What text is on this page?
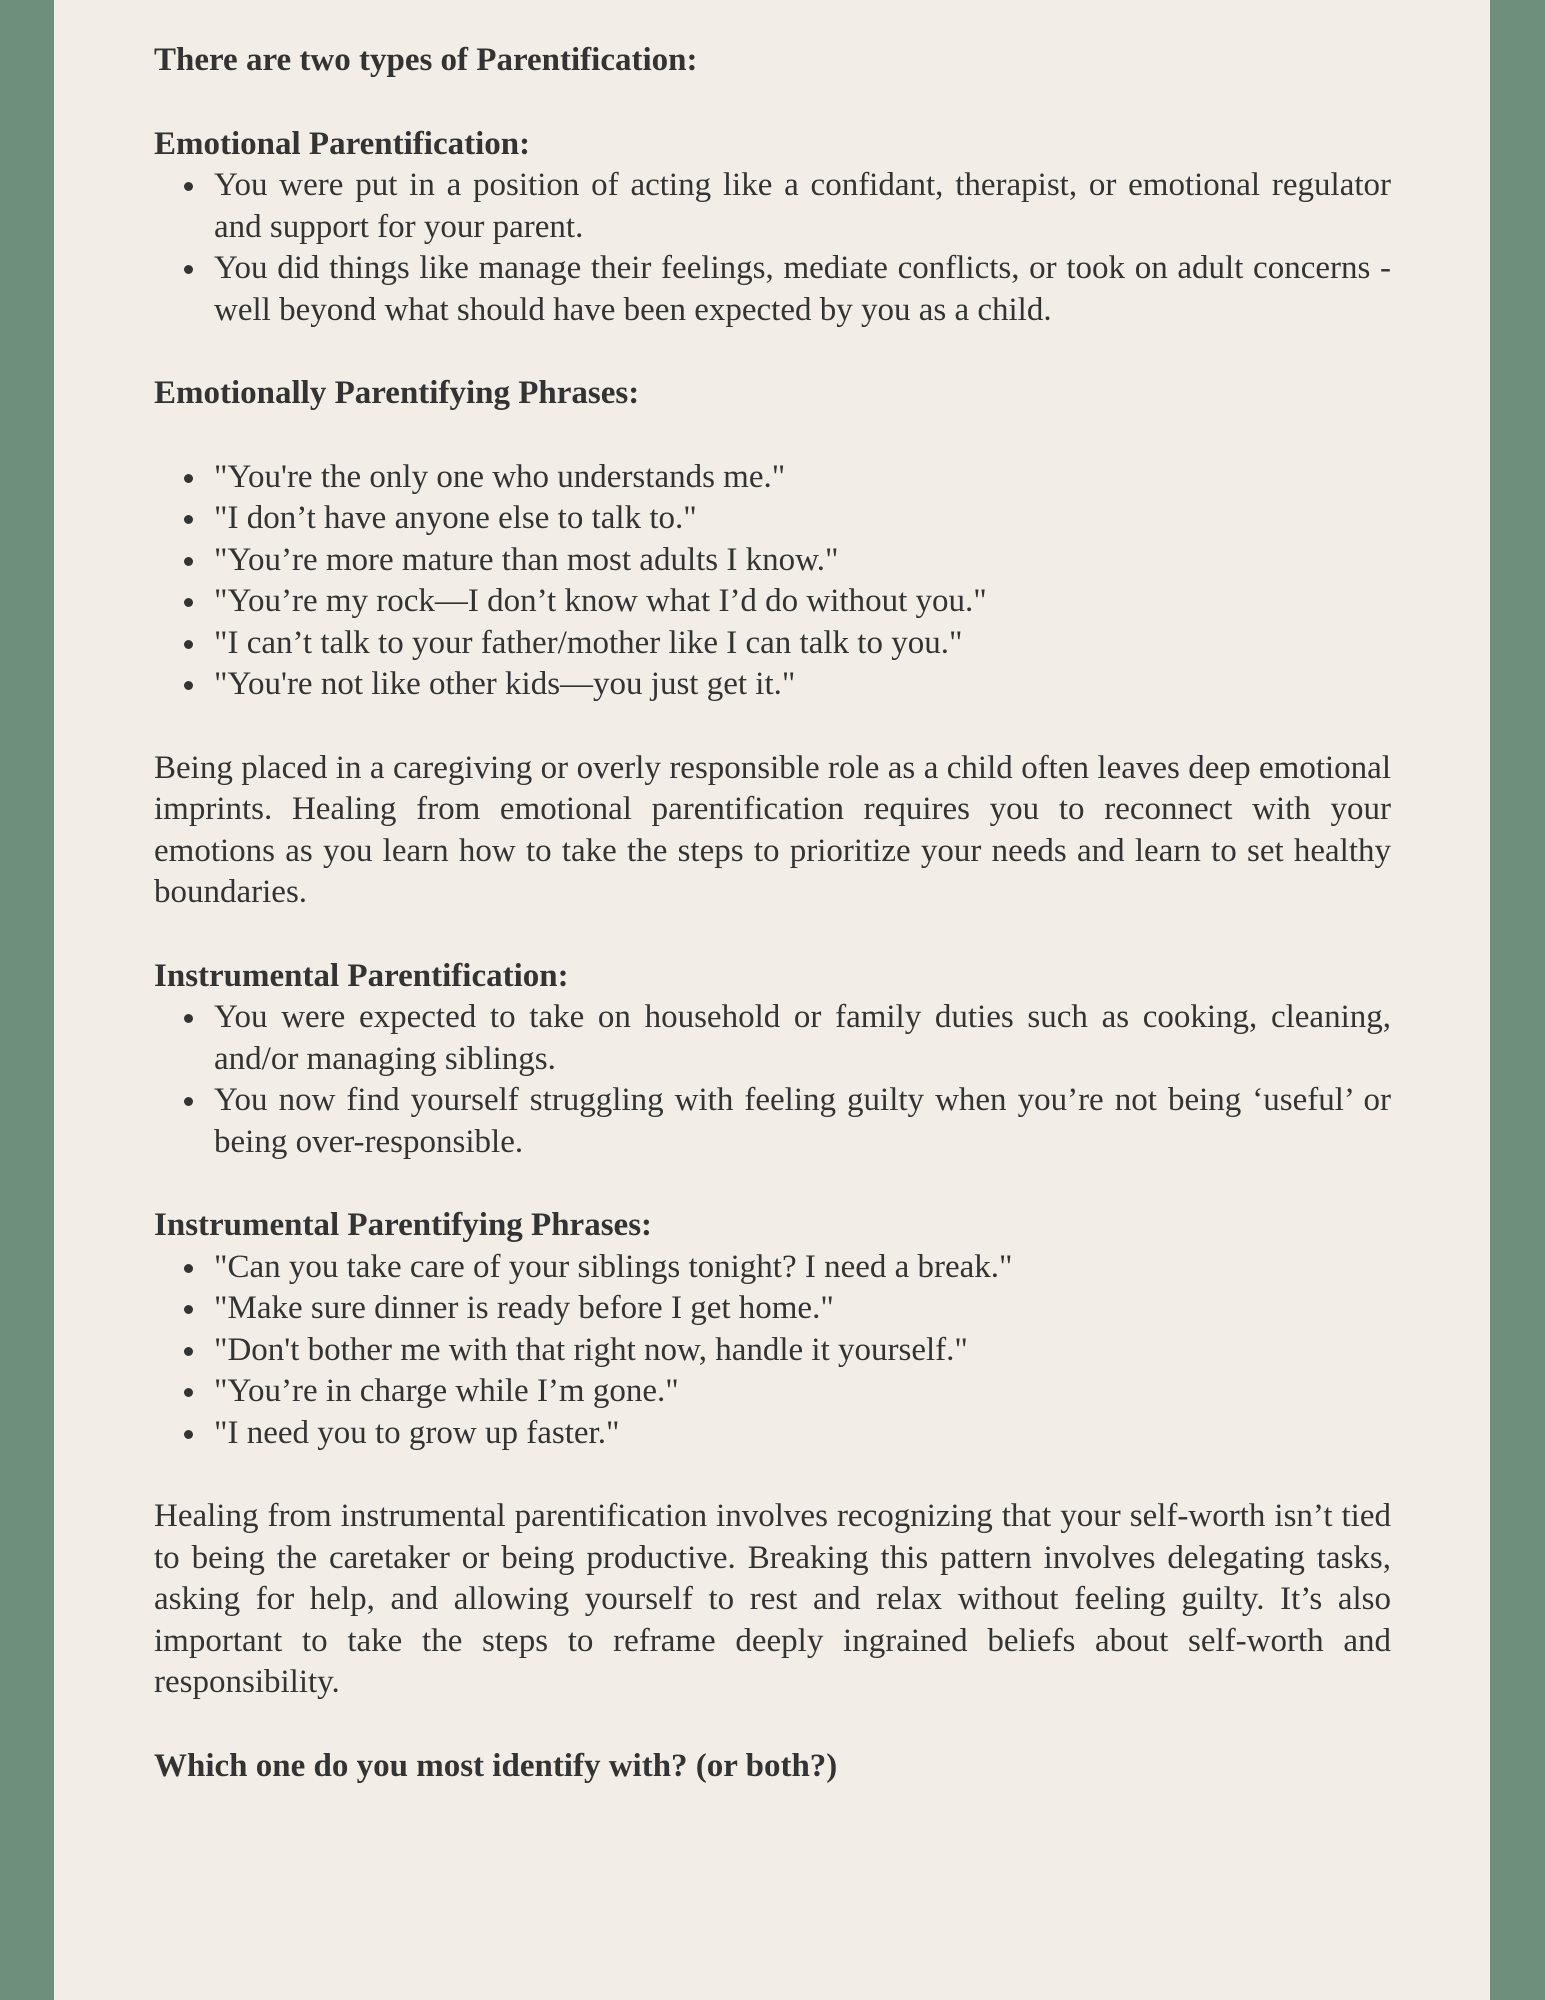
There are two types of Parentification:

Emotional Parentification:

You were put in a position of acting like a confidant, therapist, or emotional regulator and support for your parent.
You did things like manage their feelings, mediate conflicts, or took on adult concerns - well beyond what should have been expected by you as a child.

Emotionally Parentifying Phrases:

"You're the only one who understands me."
"I don’t have anyone else to talk to."
"You’re more mature than most adults I know."
"You’re my rock—I don’t know what I’d do without you."
"I can’t talk to your father/mother like I can talk to you."
"You're not like other kids—you just get it."

Being placed in a caregiving or overly responsible role as a child often leaves deep emotional imprints. Healing from emotional parentification requires you to reconnect with your emotions as you learn how to take the steps to prioritize your needs and learn to set healthy boundaries.

Instrumental Parentification:

You were expected to take on household or family duties such as cooking, cleaning, and/or managing siblings.
You now find yourself struggling with feeling guilty when you’re not being ‘useful’ or being over-responsible.

Instrumental Parentifying Phrases:

"Can you take care of your siblings tonight? I need a break."
"Make sure dinner is ready before I get home."
"Don't bother me with that right now, handle it yourself."
"You’re in charge while I’m gone."
"I need you to grow up faster."

Healing from instrumental parentification involves recognizing that your self-worth isn’t tied to being the caretaker or being productive. Breaking this pattern involves delegating tasks, asking for help, and allowing yourself to rest and relax without feeling guilty. It’s also important to take the steps to reframe deeply ingrained beliefs about self-worth and responsibility.

Which one do you most identify with? (or both?)
